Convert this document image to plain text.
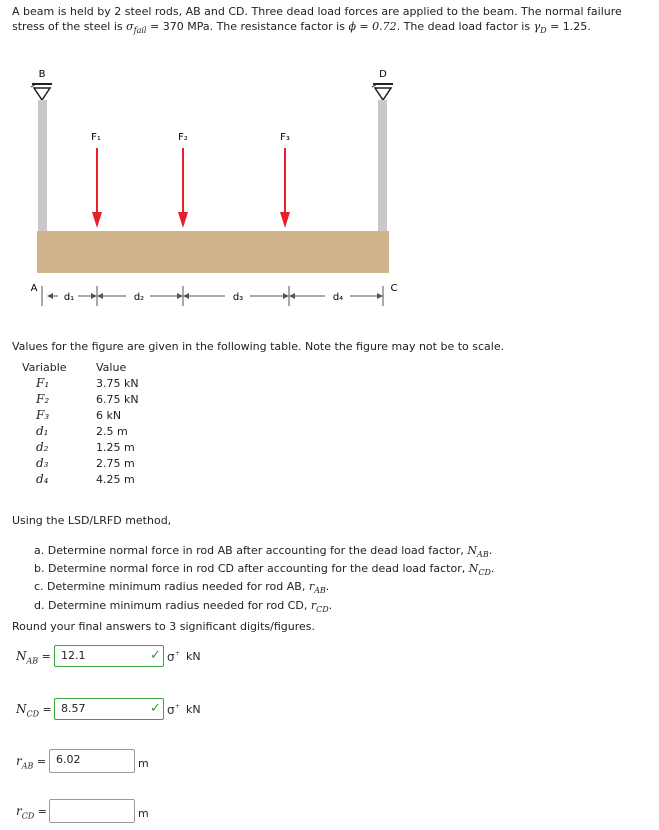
A beam is held by 2 steel rods, AB and CD. Three dead load forces are applied to the beam. The normal failure stress of the steel is $\sigma_{fail} = 370$ MPa. The resistance factor is ϕ = 0.72. The dead load factor is $\gamma_D = 1.25$.
B	D
F₁	F₂	F₃
A	C
d₁	d₂	d₃	d₄
Values for the figure are given in the following table. Note the figure may not be to scale.
Variable	Value
F₁	3.75 kN
F₂	6.75 kN
F₃	6 kN
d₁	2.5 m
d₂	1.25 m
d₃	2.75 m
d₄	4.25 m
Using the LSD/LRFD method,
a. Determine normal force in rod AB after accounting for the dead load factor, $N_{AB}$.
b. Determine normal force in rod CD after accounting for the dead load factor, $N_{CD}$.
c. Determine minimum radius needed for rod AB, $r_{AB}$.
d. Determine minimum radius needed for rod CD, $r_{CD}$.
Round your final answers to 3 significant digits/figures.
$N_{AB} = 12.1$	✓ σ + kN
$N_{CD} = 8.57$	✓ σ + kN
$r_{AB} = 6.02$	m
$r_{CD}$ =	m
